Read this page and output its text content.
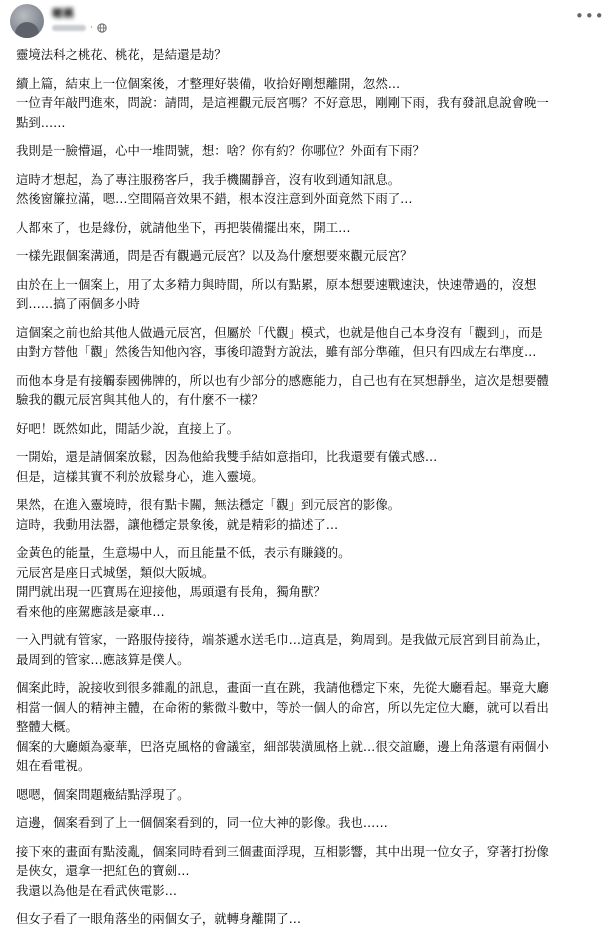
暱稱
·
•••
靈境法科之桃花、桃花，是結還是劫？
續上篇，結束上一位個案後，才整理好裝備，收拾好剛想離開，忽然…
一位青年敲門進來，問說：請問，是這裡觀元辰宮嗎？不好意思，剛剛下雨，我有發訊息說會晚一
點到……
我則是一臉懵逼，心中一堆問號，想：啥？你有約？你哪位？外面有下雨？
這時才想起，為了專注服務客戶，我手機關靜音，沒有收到通知訊息。
然後窗簾拉滿，嗯…空間隔音效果不錯，根本沒注意到外面竟然下雨了…
人都來了，也是緣份，就請他坐下，再把裝備擺出來，開工…
一樣先跟個案溝通，問是否有觀過元辰宮？以及為什麼想要來觀元辰宮？
由於在上一個案上，用了太多精力與時間，所以有點累，原本想要速戰速決，快速帶過的，沒想
到……搞了兩個多小時
這個案之前也給其他人做過元辰宮，但屬於「代觀」模式，也就是他自己本身沒有「觀到」，而是
由對方替他「觀」然後告知他內容，事後印證對方說法，雖有部分準確，但只有四成左右準度…
而他本身是有接觸泰國佛牌的，所以也有少部分的感應能力，自己也有在冥想靜坐，這次是想要體
驗我的觀元辰宮與其他人的，有什麼不一樣？
好吧！既然如此，閒話少說，直接上了。
一開始，還是請個案放鬆，因為他給我雙手結如意指印，比我還要有儀式感…
但是，這樣其實不利於放鬆身心，進入靈境。
果然，在進入靈境時，很有點卡關，無法穩定「觀」到元辰宮的影像。
這時，我動用法器，讓他穩定景象後，就是精彩的描述了…
金黃色的能量，生意場中人，而且能量不低，表示有賺錢的。
元辰宮是座日式城堡，類似大阪城。
開門就出現一匹寶馬在迎接他，馬頭還有長角，獨角獸？
看來他的座駕應該是豪車…
一入門就有管家，一路服侍接待，端茶遞水送毛巾…這真是，夠周到。是我做元辰宮到目前為止，
最周到的管家…應該算是僕人。
個案此時，說接收到很多雜亂的訊息，畫面一直在跳，我請他穩定下來，先從大廳看起。畢竟大廳
相當一個人的精神主體，在命術的紫微斗數中，等於一個人的命宮，所以先定位大廳，就可以看出
整體大概。
個案的大廳頗為豪華，巴洛克風格的會議室，細部裝潢風格上就…很交誼廳，邊上角落還有兩個小
姐在看電視。
嗯嗯，個案問題癥結點浮現了。
這邊，個案看到了上一個個案看到的，同一位大神的影像。我也……
接下來的畫面有點淩亂，個案同時看到三個畫面浮現，互相影響，其中出現一位女子，穿著打扮像
是俠女，還拿一把紅色的寶劍…
我還以為他是在看武俠電影…
但女子看了一眼角落坐的兩個女子，就轉身離開了…
